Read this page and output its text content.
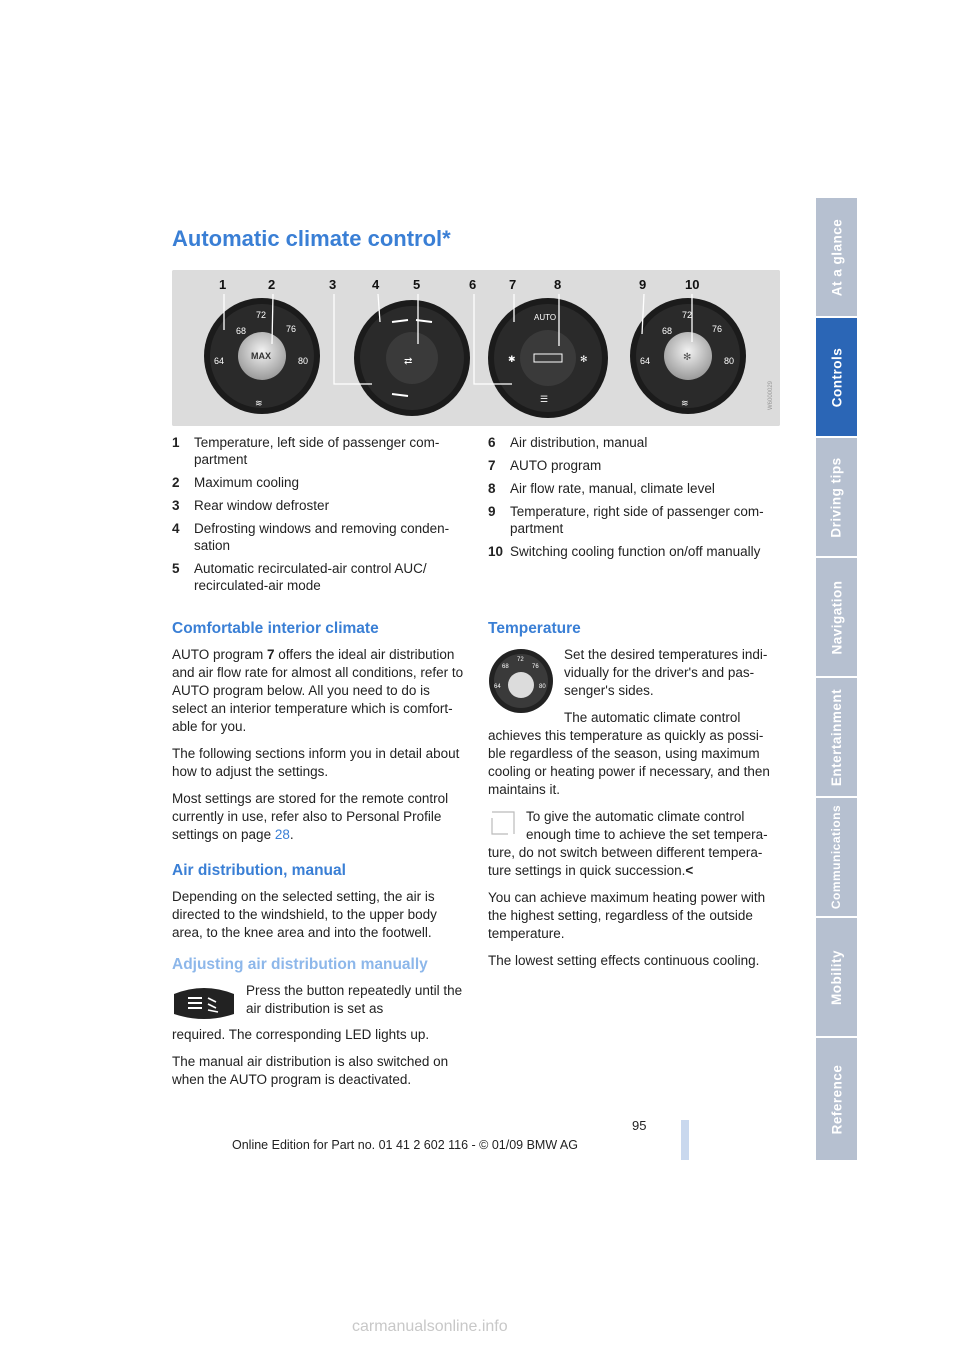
Automatic climate control*
68
72
76
64	80
MAX
≋
⇄
AUTO
✱	✻
☰
68
72
76
64	80
✻
≋
1	2	3	4	5	6	7	8	9	10
W6000029
1	Temperature, left side of passenger com-
partment
2	Maximum cooling
3	Rear window defroster
4	Defrosting windows and removing conden-
sation
5	Automatic recirculated-air control AUC/
recirculated-air mode
6	Air distribution, manual
7	AUTO program
8	Air flow rate, manual, climate level
9	Temperature, right side of passenger com-
partment
10 Switching cooling function on/off manually
Comfortable interior climate

AUTO program 7 offers the ideal air distribution and air flow rate for almost all conditions, refer to AUTO program below. All you need to do is select an interior temperature which is comfort-able for you.

The following sections inform you in detail about how to adjust the settings.

Most settings are stored for the remote control currently in use, refer also to Personal Profile settings on page 28.

Air distribution, manual

Depending on the selected setting, the air is directed to the windshield, to the upper body area, to the knee area and into the footwell.

Adjusting air distribution manually

Press the button repeatedly until the air distribution is set as

required. The corresponding LED lights up.

The manual air distribution is also switched on when the AUTO program is deactivated.

Temperature
72
68	76
64	80

Set the desired temperatures indi-vidually for the driver's and pas-senger's sides.

The automatic climate control

achieves this temperature as quickly as possi-ble regardless of the season, using maximum cooling or heating power if necessary, and then maintains it.

To give the automatic climate control enough time to achieve the set tempera-

ture, do not switch between different tempera-ture settings in quick succession.<

You can achieve maximum heating power with the highest setting, regardless of the outside temperature.

The lowest setting effects continuous cooling.

At a glance
Controls
Driving tips
Navigation
Entertainment
Communications
Mobility
Reference
95
Online Edition for Part no. 01 41 2 602 116 - © 01/09 BMW AG
carmanualsonline.info
